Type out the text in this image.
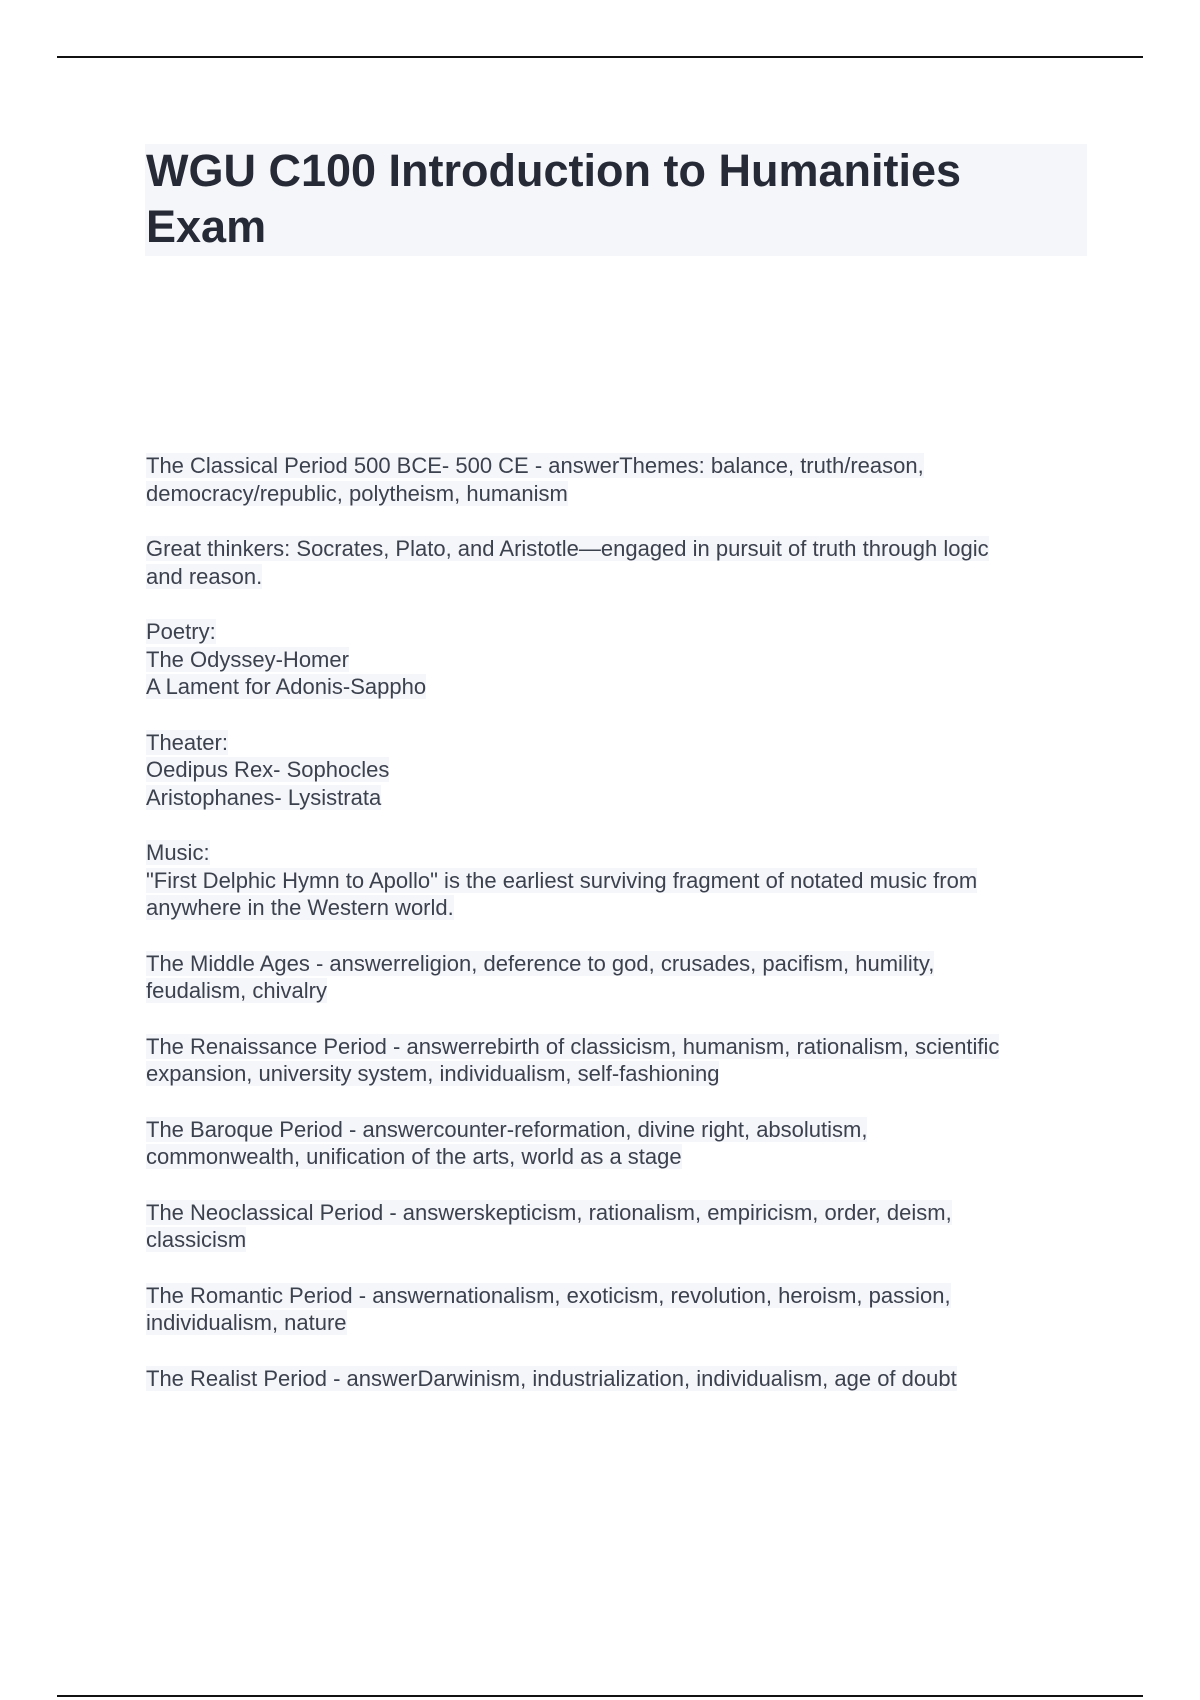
WGU C100 Introduction to Humanities
Exam
The Classical Period 500 BCE- 500 CE - answerThemes: balance, truth/reason,
democracy/republic, polytheism, humanism
Great thinkers: Socrates, Plato, and Aristotle—engaged in pursuit of truth through logic
and reason.
Poetry:
The Odyssey-Homer
A Lament for Adonis-Sappho
Theater:
Oedipus Rex- Sophocles
Aristophanes- Lysistrata
Music:
"First Delphic Hymn to Apollo" is the earliest surviving fragment of notated music from
anywhere in the Western world.
The Middle Ages - answerreligion, deference to god, crusades, pacifism, humility,
feudalism, chivalry
The Renaissance Period - answerrebirth of classicism, humanism, rationalism, scientific
expansion, university system, individualism, self-fashioning
The Baroque Period - answercounter-reformation, divine right, absolutism,
commonwealth, unification of the arts, world as a stage
The Neoclassical Period - answerskepticism, rationalism, empiricism, order, deism,
classicism
The Romantic Period - answernationalism, exoticism, revolution, heroism, passion,
individualism, nature
The Realist Period - answerDarwinism, industrialization, individualism, age of doubt
